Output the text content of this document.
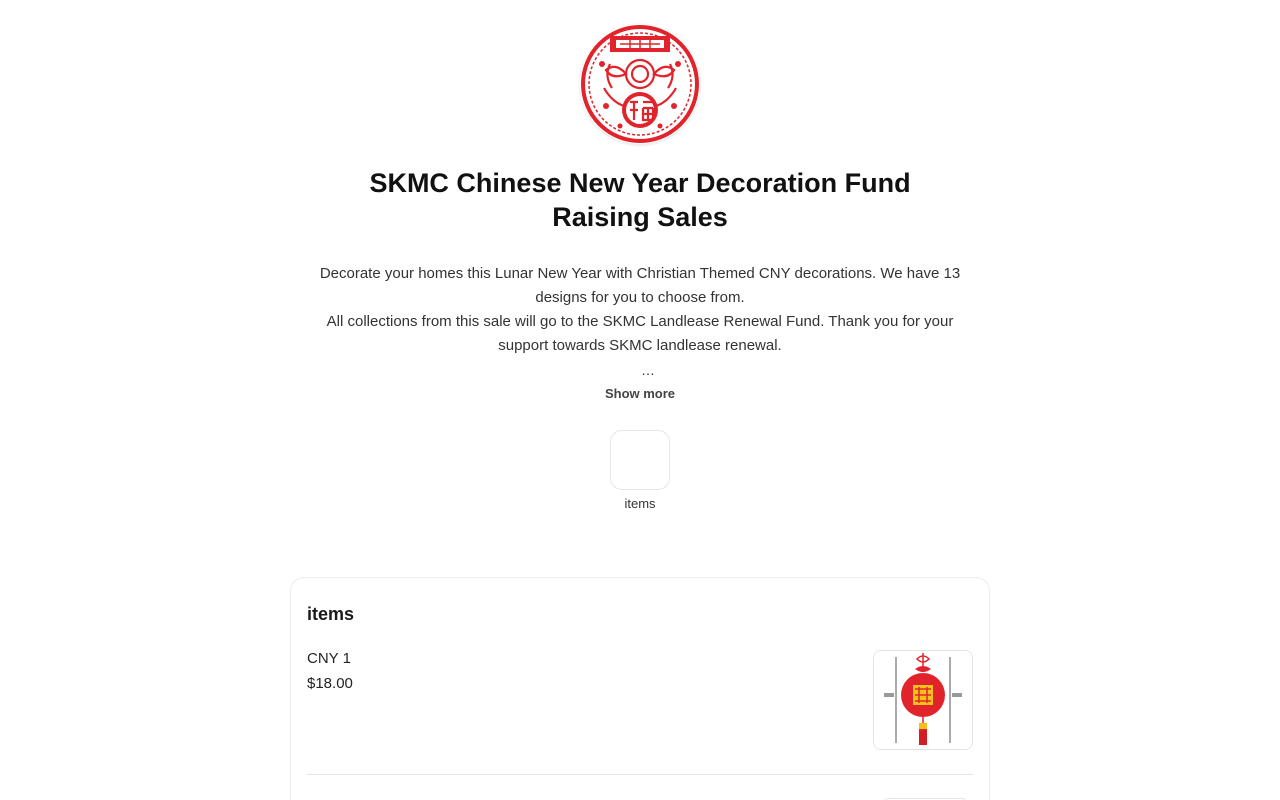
SKMC Chinese New Year Decoration Fund Raising Sales

Decorate your homes this Lunar New Year with Christian Themed CNY decorations. We have 13 designs for you to choose from.

All collections from this sale will go to the SKMC Landlease Renewal Fund. Thank you for your support towards SKMC landlease renewal.

…
Show more
items
items
CNY 1
$18.00
